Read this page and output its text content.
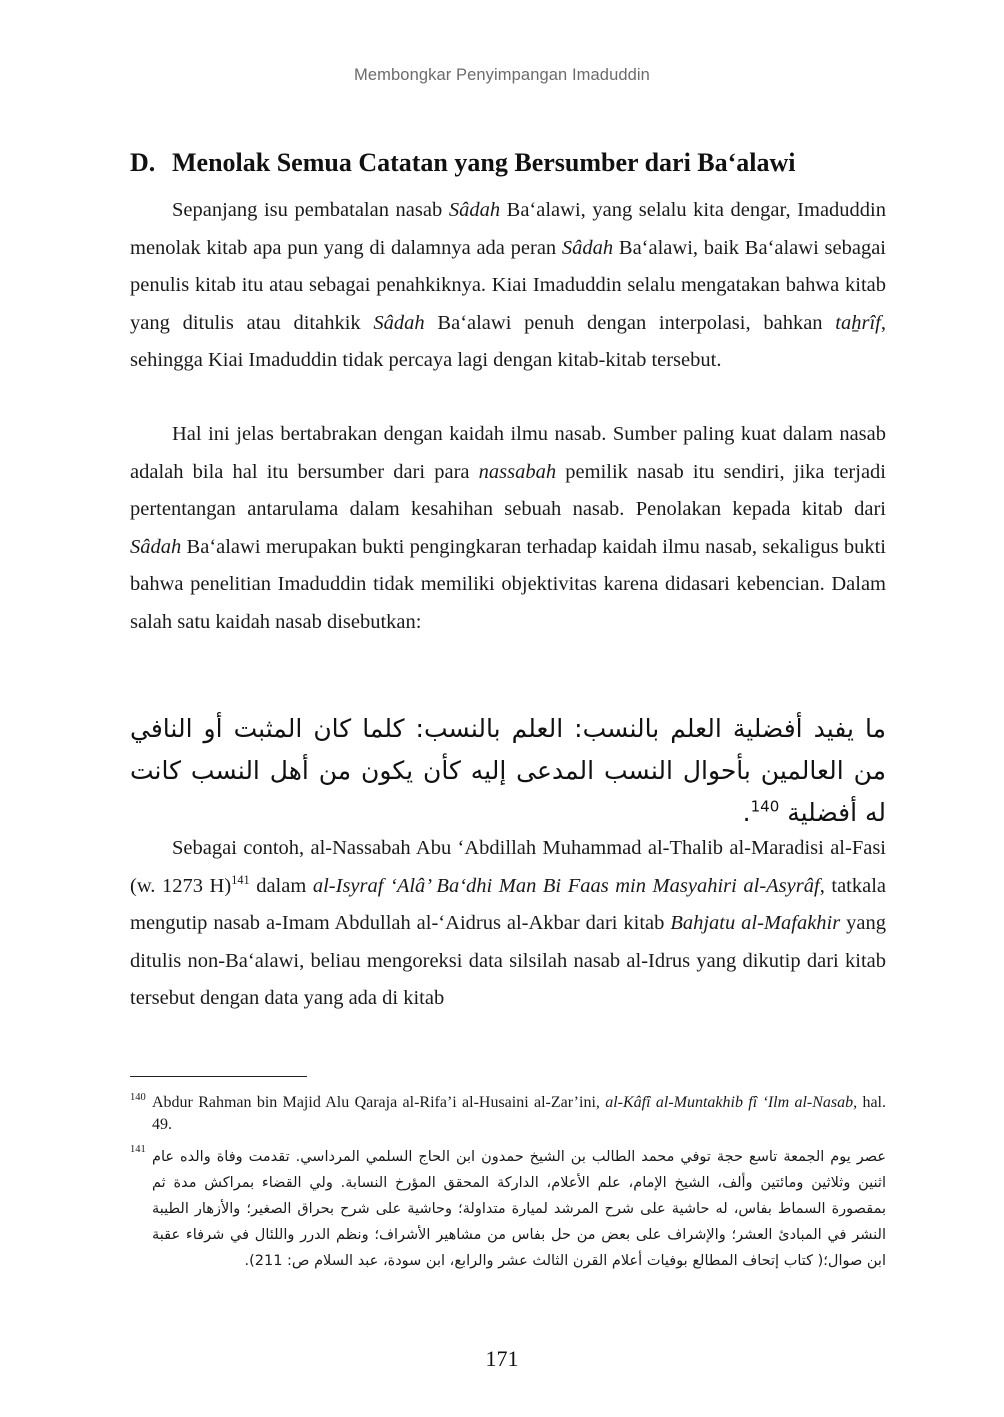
Membongkar Penyimpangan Imaduddin
D. Menolak Semua Catatan yang Bersumber dari Ba‘alawi

Sepanjang isu pembatalan nasab Sâdah Ba‘alawi, yang selalu kita dengar, Imaduddin menolak kitab apa pun yang di dalamnya ada peran Sâdah Ba‘alawi, baik Ba‘alawi sebagai penulis kitab itu atau sebagai penahkiknya. Kiai Imaduddin selalu mengatakan bahwa kitab yang ditulis atau ditahkik Sâdah Ba‘alawi penuh dengan interpolasi, bahkan taẖrîf, sehingga Kiai Imaduddin tidak percaya lagi dengan kitab-kitab tersebut.

Hal ini jelas bertabrakan dengan kaidah ilmu nasab. Sumber paling kuat dalam nasab adalah bila hal itu bersumber dari para nassabah pemilik nasab itu sendiri, jika terjadi pertentangan antarulama dalam kesahihan sebuah nasab. Penolakan kepada kitab dari Sâdah Ba‘alawi merupakan bukti pengingkaran terhadap kaidah ilmu nasab, sekaligus bukti bahwa penelitian Imaduddin tidak memiliki objektivitas karena didasari kebencian. Dalam salah satu kaidah nasab disebutkan:

ما يفيد أفضلية العلم بالنسب: العلم بالنسب: كلما كان المثبت أو النافي من العالمين بأحوال النسب المدعى إليه كأن يكون من أهل النسب كانت له أفضلية $^{140}$.

Sebagai contoh, al-Nassabah Abu ‘Abdillah Muhammad al-Thalib al-Maradisi al-Fasi (w. 1273 H)$^{141}$ dalam al-Isyraf ‘Alâ’ Ba‘dhi Man Bi Faas min Masyahiri al-Asyrâf, tatkala mengutip nasab a-Imam Abdullah al-‘Aidrus al-Akbar dari kitab Bahjatu al-Mafakhir yang ditulis non-Ba‘alawi, beliau mengoreksi data silsilah nasab al-Idrus yang dikutip dari kitab tersebut dengan data yang ada di kitab

140 Abdur Rahman bin Majid Alu Qaraja al-Rifa’i al-Husaini al-Zar’ini, al-Kâfî al-Muntakhib fî ‘Ilm al-Nasab, hal. 49.
141 عصر يوم الجمعة تاسع حجة توفي محمد الطالب بن الشيخ حمدون ابن الحاج السلمي المرداسي. تقدمت وفاة والده عام اثنين وثلاثين ومائتين وألف، الشيخ الإمام، علم الأعلام، الداركة المحقق المؤرخ النسابة. ولي القضاء بمراكش مدة ثم بمقصورة السماط بفاس، له حاشية على شرح المرشد لميارة متداولة؛ وحاشية على شرح بحراق الصغير؛ والأزهار الطيبة النشر في المبادئ العشر؛ والإشراف على بعض من حل بفاس من مشاهير الأشراف؛ ونظم الدرر واللئال في شرفاء عقبة ابن صوال؛( كتاب إتحاف المطالع بوفيات أعلام القرن الثالث عشر والرابع، ابن سودة، عبد السلام ص: 211).
171
